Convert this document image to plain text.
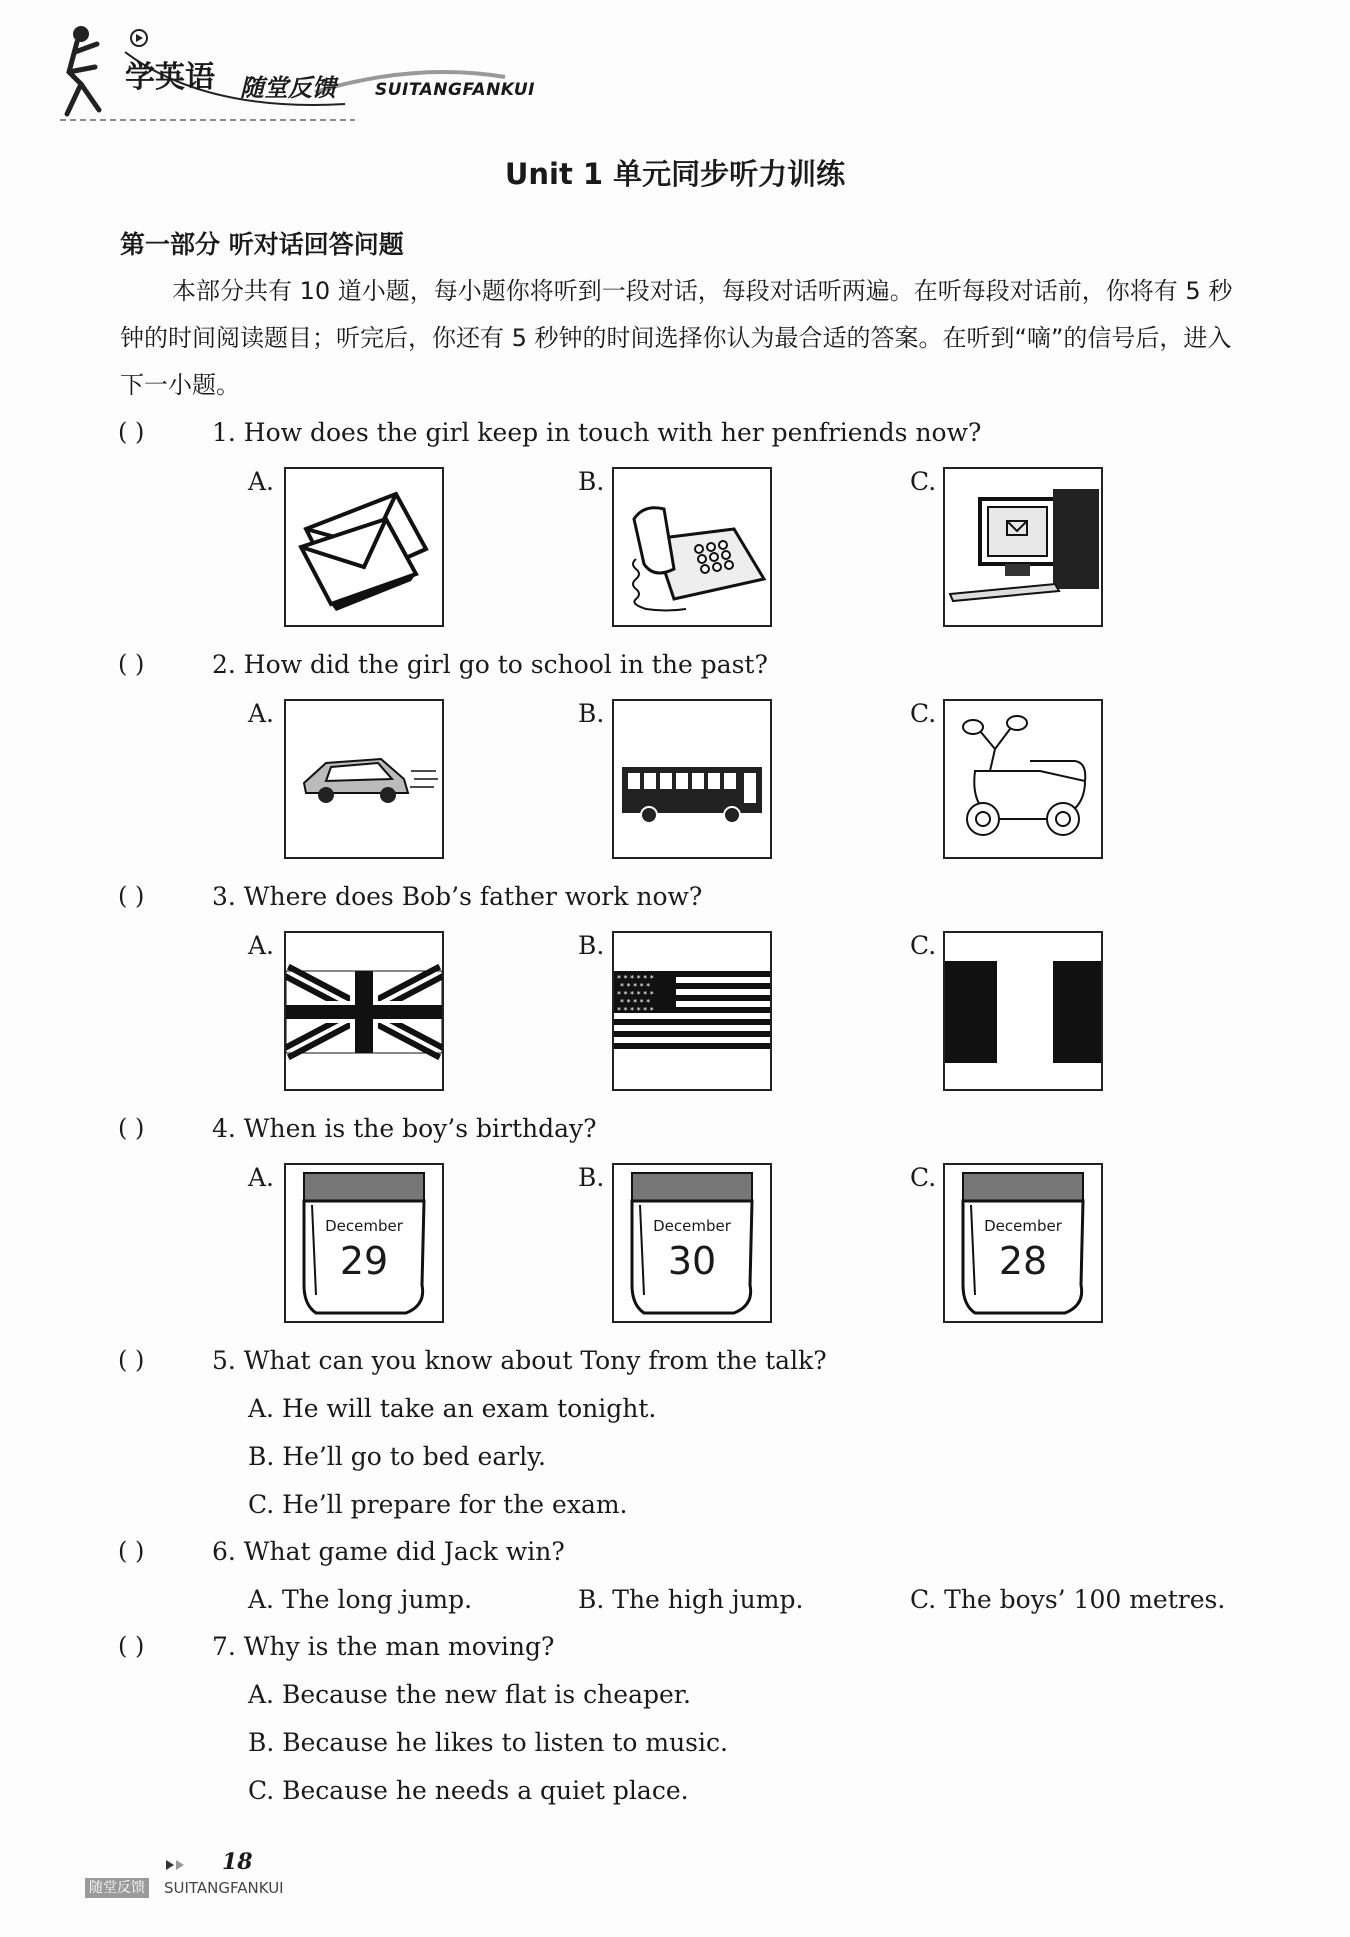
学英语 随堂反馈 SUITANGFANKUI
Unit 1 单元同步听力训练
第一部分 听对话回答问题
本部分共有 10 道小题，每小题你将听到一段对话，每段对话听两遍。在听每段对话前，你将有 5 秒钟的时间阅读题目；听完后，你还有 5 秒钟的时间选择你认为最合适的答案。在听到“嘀”的信号后，进入下一小题。
( )	1. How does the girl keep in touch with her penfriends now?
A.	B.	C.
( )	2. How did the girl go to school in the past?
A.	B.	C.
( )	3. Where does Bob’s father work now?
A.	B.	C.
* * * * * *
* * * * *
* * * * * *
* * * * *
* * * * * *
( )	4. When is the boy’s birthday?
A.	B.	C.
December
29
December
30
December
28
( )	5. What can you know about Tony from the talk?
A. He will take an exam tonight.
B. He’ll go to bed early.
C. He’ll prepare for the exam.
( )	6. What game did Jack win?
A. The long jump.	B. The high jump.	C. The boys’ 100 metres.
( )	7. Why is the man moving?
A. Because the new flat is cheaper.
B. Because he likes to listen to music.
C. Because he needs a quiet place.
18
随堂反馈 SUITANGFANKUI
